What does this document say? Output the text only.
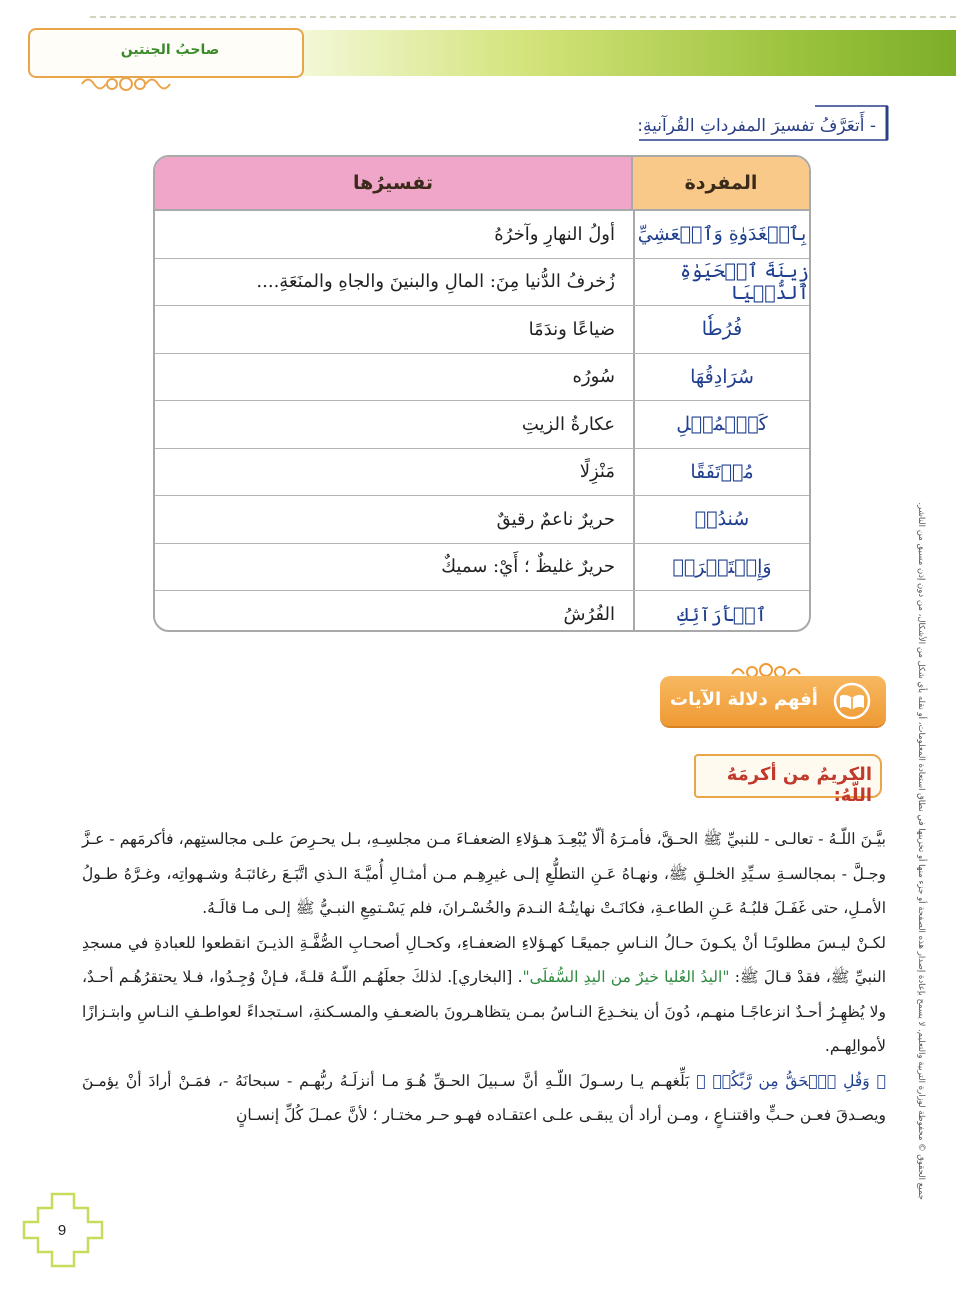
صاحبُ الجنتين
- أَتعَرَّفُ تفسيرَ المفرداتِ القُرآنيةِ:
المفردة
تفسيرُها
بِٱلۡغَدَوٰةِ وَٱلۡعَشِيِّ
أولُ النهارِ وآخرُهُ
زِينَةَ ٱلۡحَيَوٰةِ ٱلدُّنۡيَا
زُخرفُ الدُّنيا مِنَ: المالِ والبنينَ والجاهِ والمنَعَةِ....
فُرُطٗا
ضياعًا وندَمًا
سُرَادِقُهَا
سُورُه
كَٱلۡمُهۡلِ
عكارةُ الزيتِ
مُرۡتَفَقًا
مَنْزِلًا
سُندُسٖ
حريرٌ ناعمٌ رقيقٌ
وَإِسۡتَبۡرَقٖ
حريرٌ غليظٌ ؛ أَيْ: سميكٌ
ٱلۡأَرَآئِكِ
الفُرُشُ
أفهم دلالة الآيات
الكريمُ من أكرمَهُ اللّهُ:

بيَّـنَ اللّـهُ - تعالـى - للنبيِّ ﷺ الحـقَّ، فأمـرَهُ ألّا يُبْعِـدَ هـؤلاءِ الضعفـاءَ مـن مجلسِـهِ، بـل يحـرِصَ علـى مجالستِهم، فأكرمَهم - عـزَّ وجـلَّ - بمجالسـةِ سـيِّدِ الخلـقِ ﷺ، ونهـاهُ عَـنِ التطلُّعِ إلـى غيرِهِـم مـن أمثـالِ أُميَّـةَ الـذي اتَّبَـعَ رغائبَـهُ وشـهواتِه، وغـرَّهُ طـولُ الأمـلِ، حتى غَفَـلَ قلبُـهُ عَـنِ الطاعـةِ، فكانَـتْ نهايتُـهُ النـدمَ والخُسْـرانَ، فلم يَسْـتمِعِ النبـيُّ ﷺ إلـى مـا قالَـهُ.

لكـنْ ليـسَ مطلوبًـا أنْ يكـونَ حـالُ النـاسِ جميعًـا كهـؤلاءِ الضعفـاءِ، وكحـالِ أصحـابِ الصُّفَّـةِ الذيـنَ انقطعوا للعبادةِ في مسجدِ النبيِّ ﷺ، فقدْ قـالَ ﷺ: "اليدُ العُليا خيرٌ من اليدِ السُّفلَى". [البخاري]. لذلكَ جعلَهُـم اللّـهُ قلـةً، فـإنْ وُجِـدُوا، فـلا يحتقرُهُـم أحـدٌ، ولا يُظهِـرُ أحـدٌ انزعاجًـا منهـم، دُونَ أن ينخـدِعَ النـاسُ بمـن يتظاهـرونَ بالضعـفِ والمسـكنةِ، اسـتجداءً لعواطـفِ النـاسِ وابتـزازًا لأموالِهـم.

﴿ وَقُلِ ٱلۡحَقُّ مِن رَّبِّكُمۡ ﴾ بَلِّغهـم يـا رسـولَ اللّـهِ أنَّ سـبيلَ الحـقِّ هُـوَ مـا أنزلَـهُ ربُّهـم - سبحانَهُ -، فمَـنْ أرادَ أنْ يؤمـنَ ويصـدقَ فعـن حـبٍّ واقتنـاعٍ ، ومـن أراد أن يبقـى علـى اعتقـاده فهـو حـر مختـار ؛ لأنَّ عمـلَ كُلِّ إنسـانٍ	جميع الحقوق © محفوظة لوزارة التربية والتعليم. لا يسمح بإعادة إصدار هذه الصفحة أو جزء منها أو تخزينها في نطاق استعادة المعلومات، أو نقله بأي شكل من الأشكال، من دون إذن مسبق من الناشر.
9
